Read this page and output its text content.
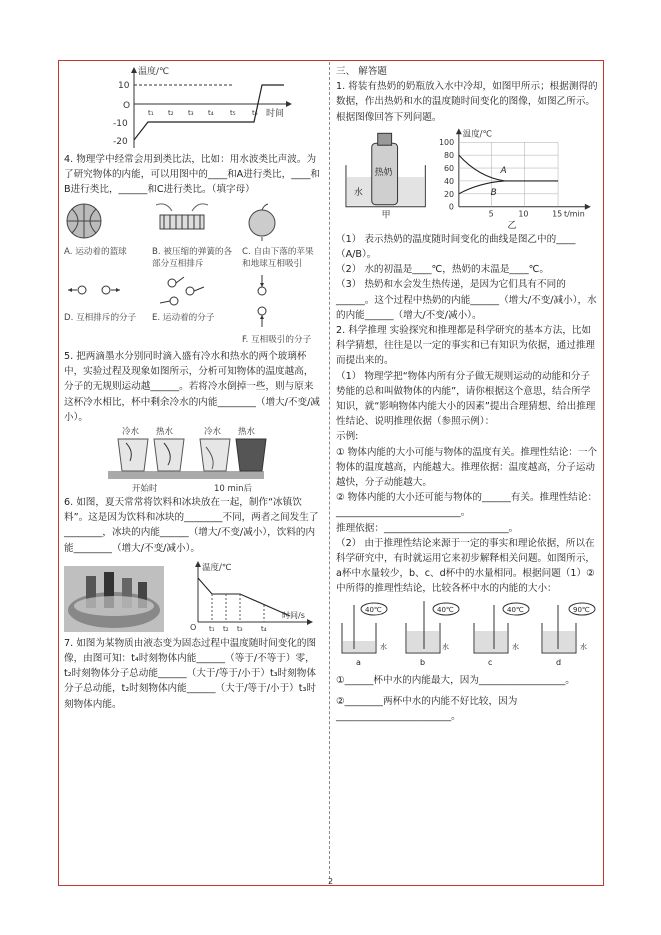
温度/℃
时间
O
10
-10
-20
t₁ t₂ t₃ t₄ t₅ t₆

4. 物理学中经常会用到类比法，比如：用水波类比声波。为了研究物体的内能，可以用图中的____和A进行类比，____和B进行类比，______和C进行类比。（填字母）

A. 运动着的篮球	B. 被压缩的弹簧的各部分互相排斥
C. 自由下落的苹果和地球互相吸引
D. 互相排斥的分子	E. 运动着的分子
F. 互相吸引的分子

5. 把两滴墨水分别同时滴入盛有冷水和热水的两个玻璃杯中，实验过程及现象如图所示，分析可知物体的温度越高，分子的无规则运动越______。若将冷水倒掉一些，则与原来这杯冷水相比，杯中剩余冷水的内能________（增大/不变/减小）。

冷水 热水	冷水 热水
开始时	10 min后

6. 如图，夏天常常将饮料和冰块放在一起，制作“冰镇饮料”。这是因为饮料和冰块的________不同，两者之间发生了________，冰块的内能______（增大/不变/减小），饮料的内能________（增大/不变/减小）。

温度/℃
时间/s
O t₁ t₂ t₃	t₄

7. 如图为某物质由液态变为固态过程中温度随时间变化的图像，由图可知：t₄时刻物体内能______（等于/不等于）零，t₂时刻物体分子总动能______（大于/等于/小于）t₃时刻物体分子总动能，t₂时刻物体内能______（大于/等于/小于）t₃时刻物体内能。

三、 解答题

1. 将装有热奶的奶瓶放入水中冷却，如图甲所示；根据测得的数据，作出热奶和水的温度随时间变化的图像，如图乙所示。根据图像回答下列问题。

热奶
水
甲
温度/℃
100
80
60
40
20
0
5	10	15 t/min
A
B

乙

（1） 表示热奶的温度随时间变化的曲线是图乙中的____（A/B）。

（2） 水的初温是____℃，热奶的末温是____℃。

（3） 热奶和水会发生热传递，是因为它们具有不同的______。这个过程中热奶的内能______（增大/不变/减小），水的内能______（增大/不变/减小）。

2. 科学推理 实验探究和推理都是科学研究的基本方法，比如科学猜想，往往是以一定的事实和已有知识为依据，通过推理而提出来的。

（1） 物理学把“物体内所有分子做无规则运动的动能和分子势能的总和叫做物体的内能”，请你根据这个意思，结合所学知识，就“影响物体内能大小的因素”提出合理猜想、给出推理性结论、说明推理依据（参照示例）：

示例:

① 物体内能的大小可能与物体的温度有关。推理性结论：一个物体的温度越高，内能越大。推理依据：温度越高，分子运动越快，分子动能越大。

② 物体内能的大小还可能与物体的______有关。推理性结论：__________________________。

推理依据：__________________________。

（2） 由于推理性结论来源于一定的事实和理论依据，所以在科学研究中，有时就运用它来初步解释相关问题。如图所示，a杯中水量较少，b、c、d杯中的水量相同。根据问题（1）②中所得的推理性结论，比较各杯中水的内能的大小：

40℃
水
a
40℃
水
b
40℃
水
c
90℃
水
d

①______杯中水的内能最大，因为__________________。

②________两杯中水的内能不好比较，因为________________________。

2
